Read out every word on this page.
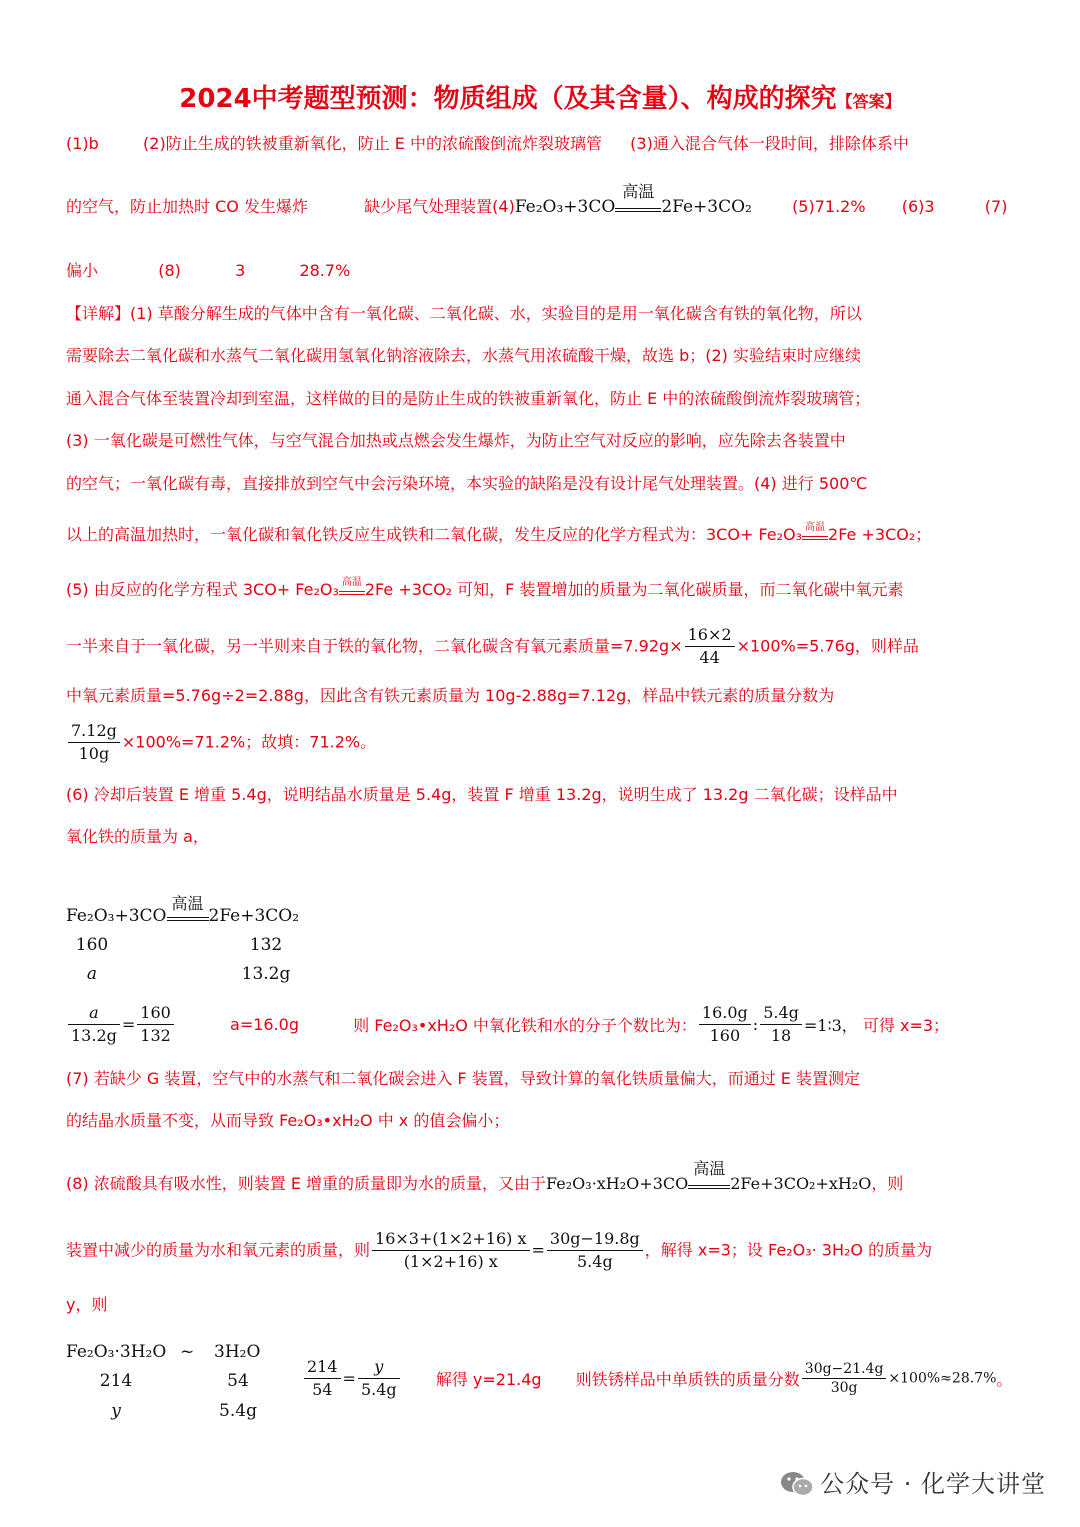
2024中考题型预测：物质组成（及其含量）、构成的探究【答案】
(1)b	(2)防止生成的铁被重新氧化，防止 E 中的浓硫酸倒流炸裂玻璃管 (3)通入混合气体一段时间，排除体系中
的空气，防止加热时 CO 发生爆炸	缺少尾气处理装置(4)Fe₂O₃+3CO
高温
2Fe+3CO₂	(5)71.2% (6)3	(7)
偏小	(8)	3	28.7%
【详解】(1) 草酸分解生成的气体中含有一氧化碳、二氧化碳、水，实验目的是用一氧化碳含有铁的氧化物，所以
需要除去二氧化碳和水蒸气二氧化碳用氢氧化钠溶液除去，水蒸气用浓硫酸干燥，故选 b；(2) 实验结束时应继续
通入混合气体至装置冷却到室温，这样做的目的是防止生成的铁被重新氧化，防止 E 中的浓硫酸倒流炸裂玻璃管；
(3) 一氧化碳是可燃性气体，与空气混合加热或点燃会发生爆炸，为防止空气对反应的影响，应先除去各装置中
的空气；一氧化碳有毒，直接排放到空气中会污染环境，本实验的缺陷是没有设计尾气处理装置。(4) 进行 500℃
以上的高温加热时，一氧化碳和氧化铁反应生成铁和二氧化碳，发生反应的化学方程式为：3CO+ Fe₂O₃ 高温 2Fe +3CO₂；
(5) 由反应的化学方程式 3CO+ Fe₂O₃ 高温 2Fe +3CO₂ 可知，F 装置增加的质量为二氧化碳质量，而二氧化碳中氧元素
一半来自于一氧化碳，另一半则来自于铁的氧化物，二氧化碳含有氧元素质量$=7.92g\times \frac{16\times 2}{44} \times 100\%=5.76g$，则样品
中氧元素质量=5.76g÷2=2.88g，因此含有铁元素质量为 10g-2.88g=7.12g，样品中铁元素的质量分数为
$\frac{7.12g}{10g} \times 100\%=71.2\%$；故填：71.2%。
(6) 冷却后装置 E 增重 5.4g，说明结晶水质量是 5.4g，装置 F 增重 13.2g，说明生成了 13.2g 二氧化碳；设样品中
氧化铁的质量为 a，
Fe₂O₃+3CO
高温
2Fe+3CO₂
160	132
a	13.2g
$\frac{a}{13.2g} = \frac{160}{132}$	a=16.0g	则 Fe₂O₃•xH₂O 中氧化铁和水的分子个数比为： $\frac{16.0g}{160}$ : $\frac{5.4g}{18}$ =1∶3， 可得 x=3；
(7) 若缺少 G 装置，空气中的水蒸气和二氧化碳会进入 F 装置，导致计算的氧化铁质量偏大，而通过 E 装置测定
的结晶水质量不变，从而导致 Fe₂O₃•xH₂O 中 x 的值会偏小；
(8) 浓硫酸具有吸水性，则装置 E 增重的质量即为水的质量，又由于Fe₂O₃·xH₂O+3CO
高温
2Fe+3CO₂+xH₂O，则
装置中减少的质量为水和氧元素的质量，则 $\frac{16\times 3+(1\times 2+16) x}{(1\times 2+16) x} = \frac{30g-19.8g}{5.4g}$ ，解得 x=3；设 Fe₂O₃· 3H₂O 的质量为
y，则
Fe₂O₃·3H₂O ~ 3H₂O
214	54
y	5.4g
$\frac{214}{54} = \frac{y}{5.4g}$ 解得 y=21.4g 则铁锈样品中单质铁的质量分数 $\frac{30g-21.4g}{30g} \times 100\%\approx 28.7\%$。
公众号 · 化学大讲堂
